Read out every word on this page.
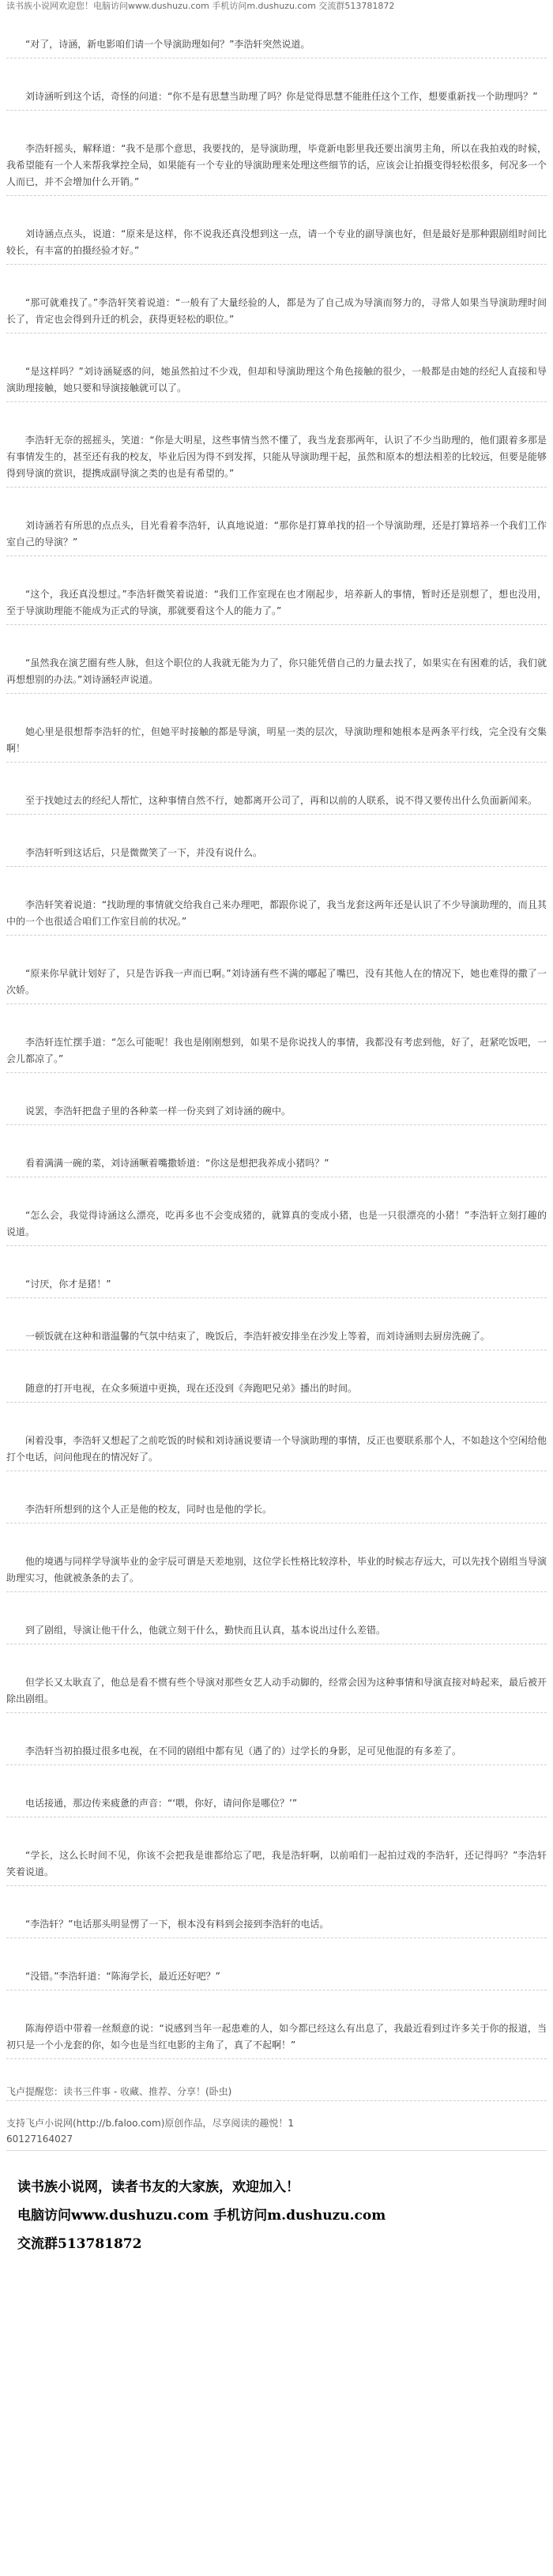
读书族小说网欢迎您！电脑访问www.dushuzu.com 手机访问m.dushuzu.com 交流群513781872

“对了，诗涵，新电影咱们请一个导演助理如何？”李浩轩突然说道。

刘诗涵听到这个话，奇怪的问道：“你不是有思慧当助理了吗？你是觉得思慧不能胜任这个工作，想要重新找一个助理吗？”

李浩轩摇头，解释道：“我不是那个意思，我要找的，是导演助理，毕竟新电影里我还要出演男主角，所以在我拍戏的时候，我希望能有一个人来帮我掌控全局，如果能有一个专业的导演助理来处理这些细节的话，应该会让拍摄变得轻松很多，何况多一个人而已，并不会增加什么开销。”

刘诗涵点点头，说道：“原来是这样，你不说我还真没想到这一点，请一个专业的副导演也好，但是最好是那种跟剧组时间比较长，有丰富的拍摄经验才好。”

“那可就难找了。”李浩轩笑着说道：“一般有了大量经验的人，都是为了自己成为导演而努力的，寻常人如果当导演助理时间长了，肯定也会得到升迁的机会，获得更轻松的职位。”

“是这样吗？”刘诗涵疑惑的问，她虽然拍过不少戏，但却和导演助理这个角色接触的很少，一般都是由她的经纪人直接和导演助理接触，她只要和导演接触就可以了。

李浩轩无奈的摇摇头，笑道：“你是大明星，这些事情当然不懂了，我当龙套那两年，认识了不少当助理的，他们跟着多那是有事情发生的，甚至还有我的校友，毕业后因为得不到发挥，只能从导演助理干起，虽然和原本的想法相差的比较远，但要是能够得到导演的赏识，提携成副导演之类的也是有希望的。”

刘诗涵若有所思的点点头，目光看着李浩轩，认真地说道：“那你是打算单找的招一个导演助理，还是打算培养一个我们工作室自己的导演？”

“这个，我还真没想过。”李浩轩微笑着说道：“我们工作室现在也才刚起步，培养新人的事情，暂时还是别想了，想也没用，至于导演助理能不能成为正式的导演，那就要看这个人的能力了。”

“虽然我在演艺圈有些人脉，但这个职位的人我就无能为力了，你只能凭借自己的力量去找了，如果实在有困难的话，我们就再想想别的办法。”刘诗涵轻声说道。

她心里是很想帮李浩轩的忙，但她平时接触的都是导演，明星一类的层次，导演助理和她根本是两条平行线，完全没有交集啊！

至于找她过去的经纪人帮忙，这种事情自然不行，她都离开公司了，再和以前的人联系，说不得又要传出什么负面新闻来。

李浩轩听到这话后，只是微微笑了一下，并没有说什么。

李浩轩笑着说道：“找助理的事情就交给我自己来办理吧，都跟你说了，我当龙套这两年还是认识了不少导演助理的，而且其中的一个也很适合咱们工作室目前的状况。”

“原来你早就计划好了，只是告诉我一声而已啊。”刘诗涵有些不满的嘟起了嘴巴，没有其他人在的情况下，她也难得的撒了一次娇。

李浩轩连忙摆手道：“怎么可能呢！我也是刚刚想到，如果不是你说找人的事情，我都没有考虑到他，好了，赶紧吃饭吧，一会儿都凉了。”

说罢，李浩轩把盘子里的各种菜一样一份夹到了刘诗涵的碗中。

看着满满一碗的菜，刘诗涵噘着嘴撒娇道：“你这是想把我养成小猪吗？”

“怎么会，我觉得诗涵这么漂亮，吃再多也不会变成猪的，就算真的变成小猪，也是一只很漂亮的小猪！”李浩轩立刻打趣的说道。

“讨厌，你才是猪！”

一顿饭就在这种和谐温馨的气氛中结束了，晚饭后，李浩轩被安排坐在沙发上等着，而刘诗涵则去厨房洗碗了。

随意的打开电视，在众多频道中更换，现在还没到《奔跑吧兄弟》播出的时间。

闲着没事，李浩轩又想起了之前吃饭的时候和刘诗涵说要请一个导演助理的事情，反正也要联系那个人，不如趁这个空闲给他打个电话，问问他现在的情况好了。

李浩轩所想到的这个人正是他的校友，同时也是他的学长。

他的境遇与同样学导演毕业的金宇辰可谓是天差地别，这位学长性格比较淳朴，毕业的时候志存远大，可以先找个剧组当导演助理实习，他就被条条的去了。

到了剧组，导演让他干什么，他就立刻干什么，勤快而且认真，基本说出过什么差错。

但学长又太耿直了，他总是看不惯有些个导演对那些女艺人动手动脚的，经常会因为这种事情和导演直接对峙起来，最后被开除出剧组。

李浩轩当初拍摄过很多电视，在不同的剧组中都有见（遇了的）过学长的身影，足可见他混的有多差了。

电话接通，那边传来疲惫的声音：“‘喂，你好，请问你是哪位？’”

“学长，这么长时间不见，你该不会把我是谁都给忘了吧，我是浩轩啊，以前咱们一起拍过戏的李浩轩，还记得吗？”李浩轩笑着说道。

“李浩轩？”电话那头明显愣了一下，根本没有料到会接到李浩轩的电话。

“没错。”李浩轩道：“陈海学长，最近还好吧？”

陈海停语中带着一丝颓意的说：“说感到当年一起患难的人，如今都已经这么有出息了，我最近看到过许多关于你的报道，当初只是一个小龙套的你，如今也是当红电影的主角了，真了不起啊！”

飞卢提醒您：读书三件事 - 收藏、推荐、分享！(卧虫)
支持飞卢小说网(http://b.faloo.com)原创作品，尽享阅读的趣悦！1
60127164027
读书族小说网，读者书友的大家族，欢迎加入！
电脑访问www.dushuzu.com 手机访问m.dushuzu.com
交流群513781872
